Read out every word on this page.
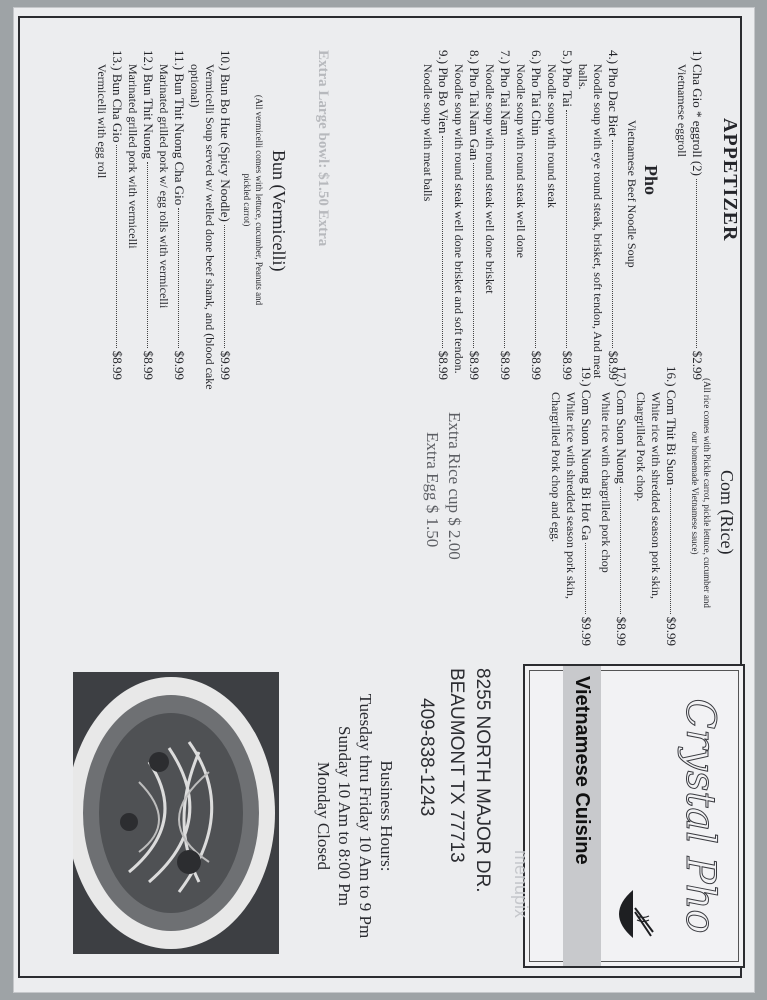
APPETIZER
1) Cha Gio * eggroll (2)
$2.99
Vietnamese eggroll
Pho
Vietnamese Beef Noodle Soup
4.) Pho Dac Biet
$8.99
Noodle soup with eye round steak, brisket, soft tendon, And meat balls.
5.) Pho Tai
$8.99
Noodle soup with round steak
6.) Pho Tai Chin
$8.99
Noodle soup with round steak well done
7.) Pho Tai Nam
$8.99
Noodle soup with round steak well done brisket
8.) Pho Tai Nam Gan
$8.99
Noodle soup with round steak well done brisket and soft tendon.
9.) Pho Bo Vien
$8.99
Noodle soup with meat balls
Extra Large bowl: $1.50 Extra
Bun (Vermicelli)
(All vermicelli comes with lettuce, cucumber, Peanuts and pickled carrot)
10.) Bun Bo Hue (Spicy Noodle)
$9.99
Vermicelli Soup served w/ welled done beef shank, and (blood cake optional)
11.) Bun Thit Nuong Cha Gio
$9.99
Marinated grilled pork w/ egg rolls with vermicelli
12.) Bun Thit Nuong
$8.99
Marinated grilled pork with vermicelli
13.) Bun Cha Gio
$8.99
Vermicelli with egg roll
Com (Rice)
(All rice comes with Pickle carrot, pickle lettuce, cucumber and our homemade Vietnamese sauce)
16.) Com Thit Bi Suon
$9.99
White rice with shredded season pork skin, Chargrilled Pork chop.
17.) Com Suon Nuong
$8.99
White rice with chargrilled pork chop
19.) Com Suon Nuong Bi Hot Ga
$9.99
White rice with shredded season pork skin, Chargrilled Pork chop and egg.
Extra Rice cup $ 2.00
Extra Egg $ 1.50
Crystal Pho
Vietnamese Cuisine
menupix
8255 NORTH MAJOR DR.
BEAUMONT TX 77713
409-838-1243
Business Hours:
Tuesday thru Friday 10 Am to 9 Pm
Sunday 10 Am to 8:00 Pm
Monday Closed
